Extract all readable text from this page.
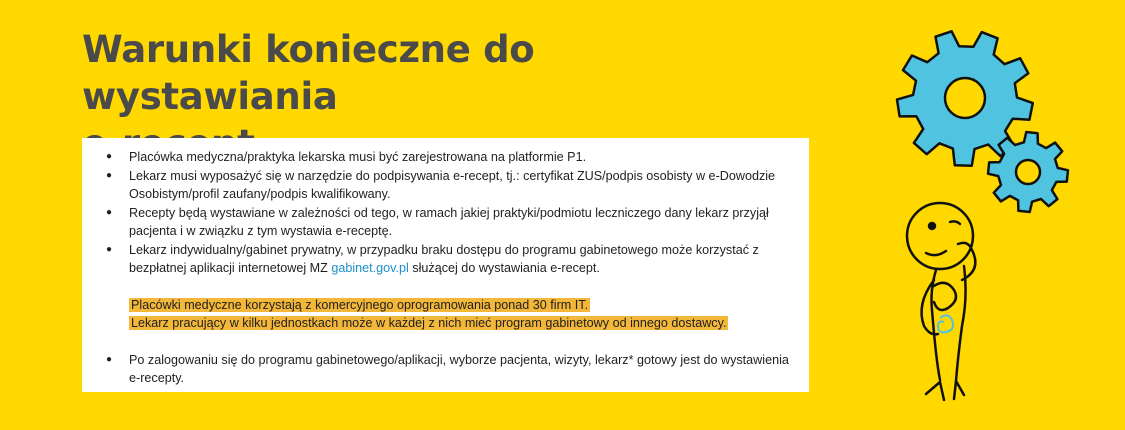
Warunki konieczne do wystawiania
● Placówka medyczna/praktyka lekarska musi być zarejestrowana na platformie P1.
● Lekarz musi wyposażyć się w narzędzie do podpisywania e-recept, tj.: certyfikat ZUS/podpis osobisty w e-Dowodzie Osobistym/profil zaufany/podpis kwalifikowany.
● Recepty będą wystawiane w zależności od tego, w ramach jakiej praktyki/podmiotu leczniczego dany lekarz przyjął pacjenta i w związku z tym wystawia e-receptę.
● Lekarz indywidualny/gabinet prywatny, w przypadku braku dostępu do programu gabinetowego może korzystać z bezpłatnej aplikacji internetowej MZ gabinet.gov.pl służącej do wystawiania e-recept.
Placówki medyczne korzystają z komercyjnego oprogramowania ponad 30 firm IT.
Lekarz pracujący w kilku jednostkach może w każdej z nich mieć program gabinetowy od innego dostawcy.
● Po zalogowaniu się do programu gabinetowego/aplikacji, wyborze pacjenta, wizyty, lekarz* gotowy jest do wystawienia e-recepty.
